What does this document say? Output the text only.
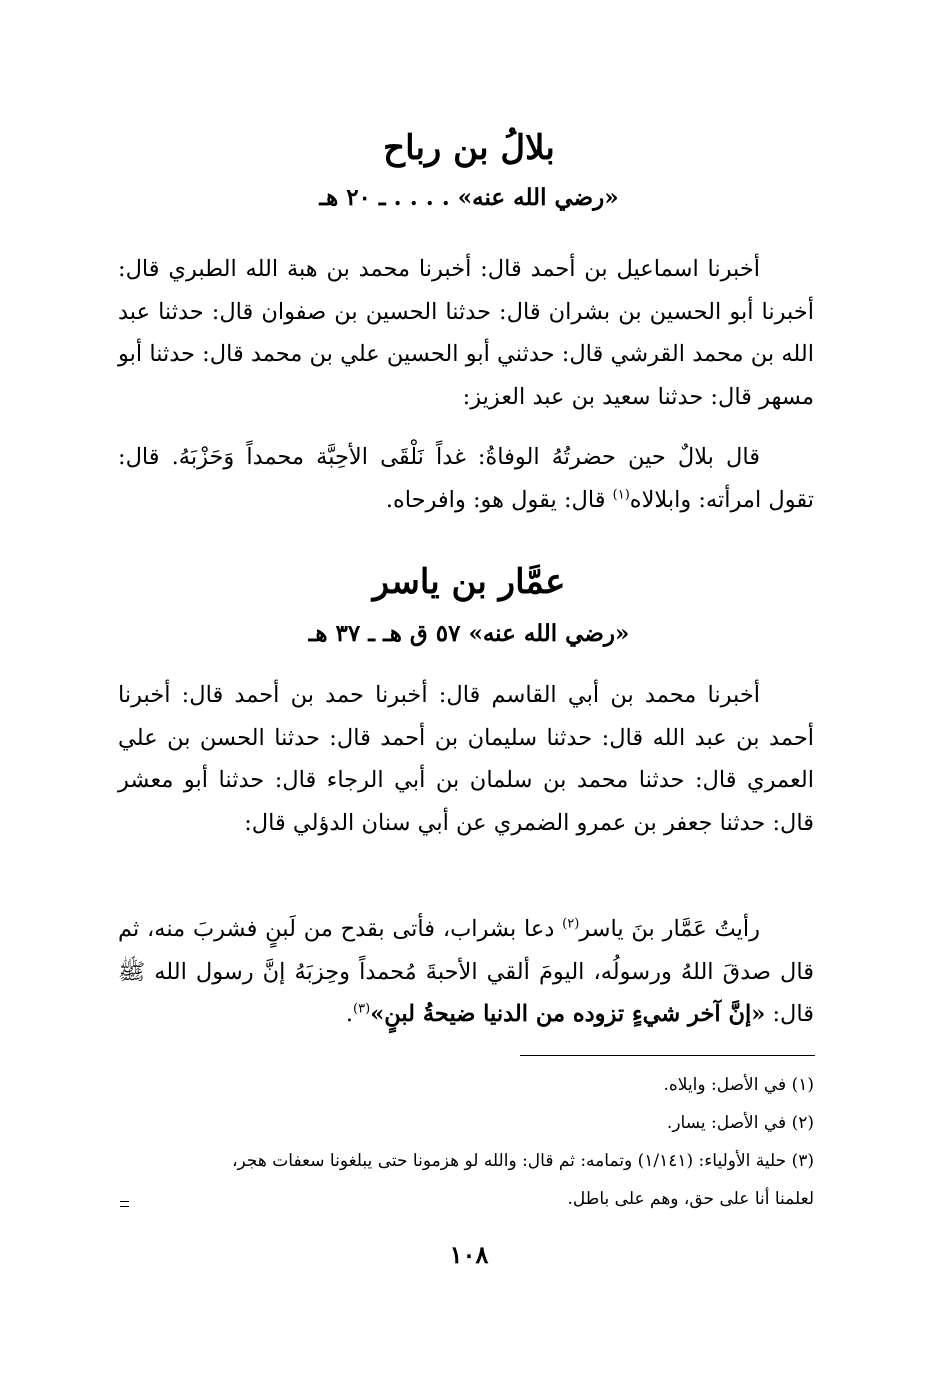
بلالُ بن رباح
«رضي الله عنه» . . . . ـ ٢٠ هـ

أخبرنا اسماعيل بن أحمد قال: أخبرنا محمد بن هبة الله الطبري قال: أخبرنا أبو الحسين بن بشران قال: حدثنا الحسين بن صفوان قال: حدثنا عبد الله بن محمد القرشي قال: حدثني أبو الحسين علي بن محمد قال: حدثنا أبو مسهر قال: حدثنا سعيد بن عبد العزيز:

قال بلالٌ حين حضرتُهُ الوفاةُ: غداً نَلْقَى الأحِبَّة محمداً وَحَزْبَهُ. قال: تقول امرأته: وابلالاه$^{(١)}$ قال: يقول هو: وافرحاه.

عمَّار بن ياسر
«رضي الله عنه» ٥٧ ق هـ ـ ٣٧ هـ

أخبرنا محمد بن أبي القاسم قال: أخبرنا حمد بن أحمد قال: أخبرنا أحمد بن عبد الله قال: حدثنا سليمان بن أحمد قال: حدثنا الحسن بن علي العمري قال: حدثنا محمد بن سلمان بن أبي الرجاء قال: حدثنا أبو معشر قال: حدثنا جعفر بن عمرو الضمري عن أبي سنان الدؤلي قال:

رأيتُ عَمَّار بنَ ياسر$^{(٢)}$ دعا بشراب، فأتى بقدح من لَبنٍ فشربَ منه، ثم قال صدقَ اللهُ ورسولُه، اليومَ ألقي الأحبةَ مُحمداً وحِزبَهُ إنَّ رسول الله ﷺ قال: «إنَّ آخر شيءٍ تزوده من الدنيا ضيحةُ لبنٍ»$^{(٣)}$.

(١) في الأصل: وايلاه.
(٢) في الأصل: يسار.
(٣) حلية الأولياء: (١/١٤١) وتمامه: ثم قال: والله لو هزمونا حتى يبلغونا سعفات هجر،
لعلمنا أنا على حق، وهم على باطل.
١٠٨
